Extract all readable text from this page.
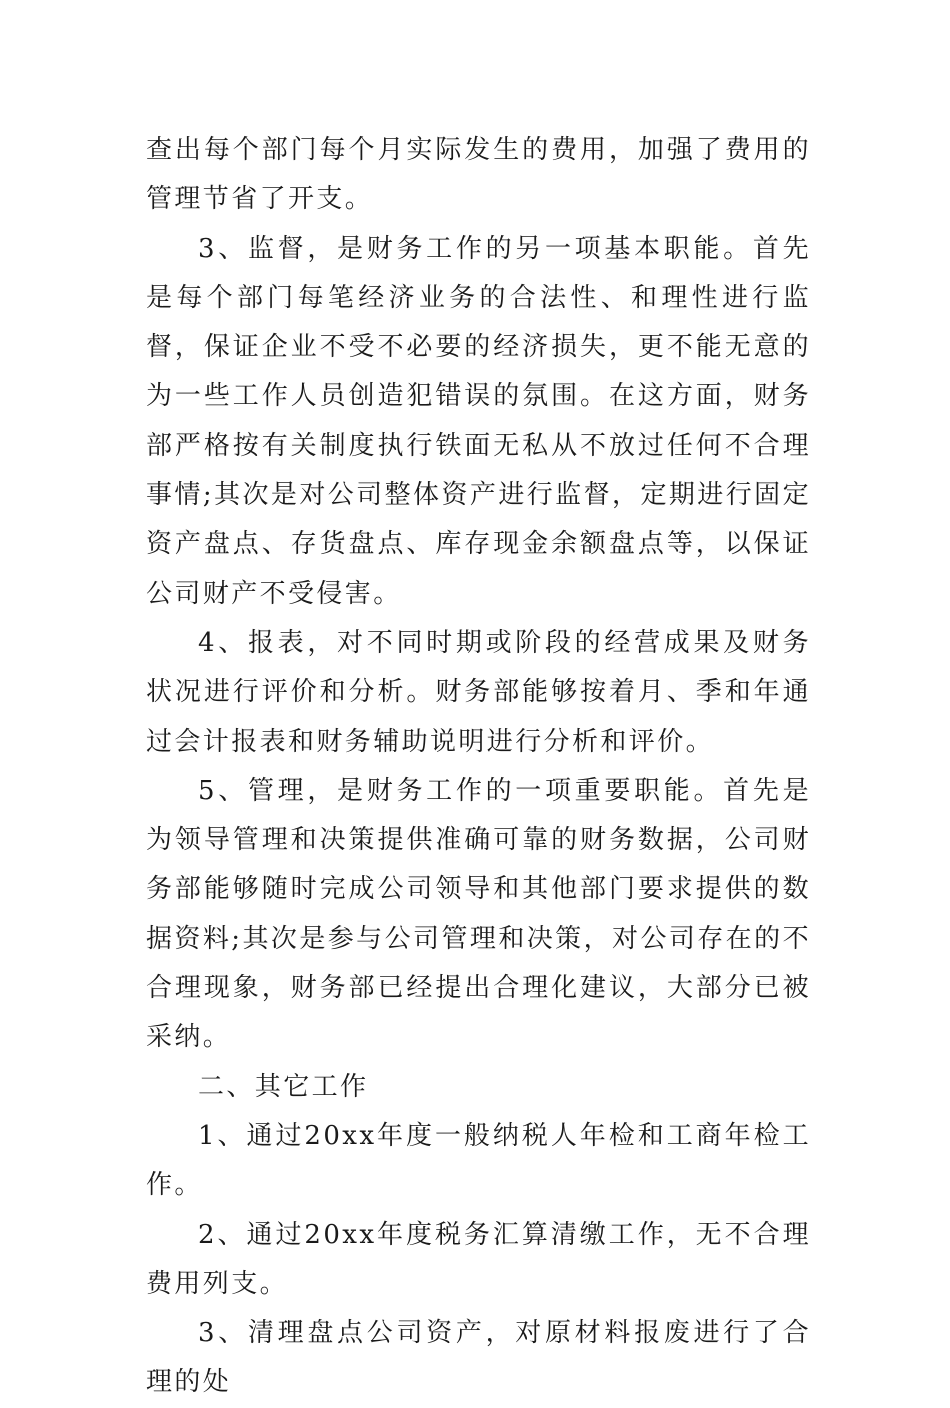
查出每个部门每个月实际发生的费用，加强了费用的管理节省了开支。

3、监督，是财务工作的另一项基本职能。首先是每个部门每笔经济业务的合法性、和理性进行监督，保证企业不受不必要的经济损失，更不能无意的为一些工作人员创造犯错误的氛围。在这方面，财务部严格按有关制度执行铁面无私从不放过任何不合理事情;其次是对公司整体资产进行监督，定期进行固定资产盘点、存货盘点、库存现金余额盘点等，以保证公司财产不受侵害。

4、报表，对不同时期或阶段的经营成果及财务状况进行评价和分析。财务部能够按着月、季和年通过会计报表和财务辅助说明进行分析和评价。

5、管理，是财务工作的一项重要职能。首先是为领导管理和决策提供准确可靠的财务数据，公司财务部能够随时完成公司领导和其他部门要求提供的数据资料;其次是参与公司管理和决策，对公司存在的不合理现象，财务部已经提出合理化建议，大部分已被采纳。

二、其它工作

1、通过20xx年度一般纳税人年检和工商年检工作。

2、通过20xx年度税务汇算清缴工作，无不合理费用列支。

3、清理盘点公司资产，对原材料报废进行了合理的处
